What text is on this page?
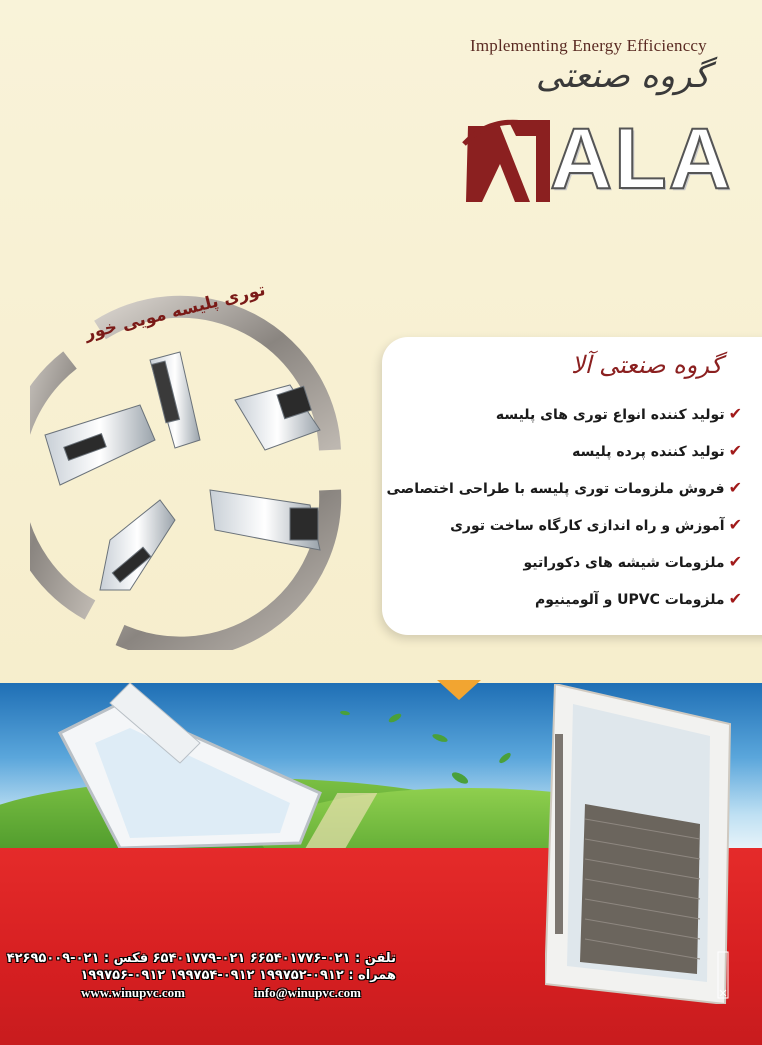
Implementing Energy Efficienccy
گروه صنعتی
ALA
توری پلیسه مویی خور
گروه صنعتی آلا
✔تولید کننده انواع توری های پلیسه
✔تولید کننده پرده پلیسه
✔فروش ملزومات توری پلیسه با طراحی اختصاصی
✔آموزش و راه اندازی کارگاه ساخت توری
✔ملزومات شیشه های دکوراتیو
✔ملزومات UPVC و آلومینیوم
تلفن : ۰۲۱-۶۶۵۴۰۱۷۷۶ ۰۲۱-۶۵۴۰۱۷۷۹ فکس : ۰۲۱-۴۲۶۹۵۰۰۹
همراه : ۰۹۱۲-۱۹۹۷۵۲ ۰۹۱۲-۱۹۹۷۵۴ ۰۹۱۲-۱۹۹۷۵۶
www.winupvc.com	info@winupvc.com
